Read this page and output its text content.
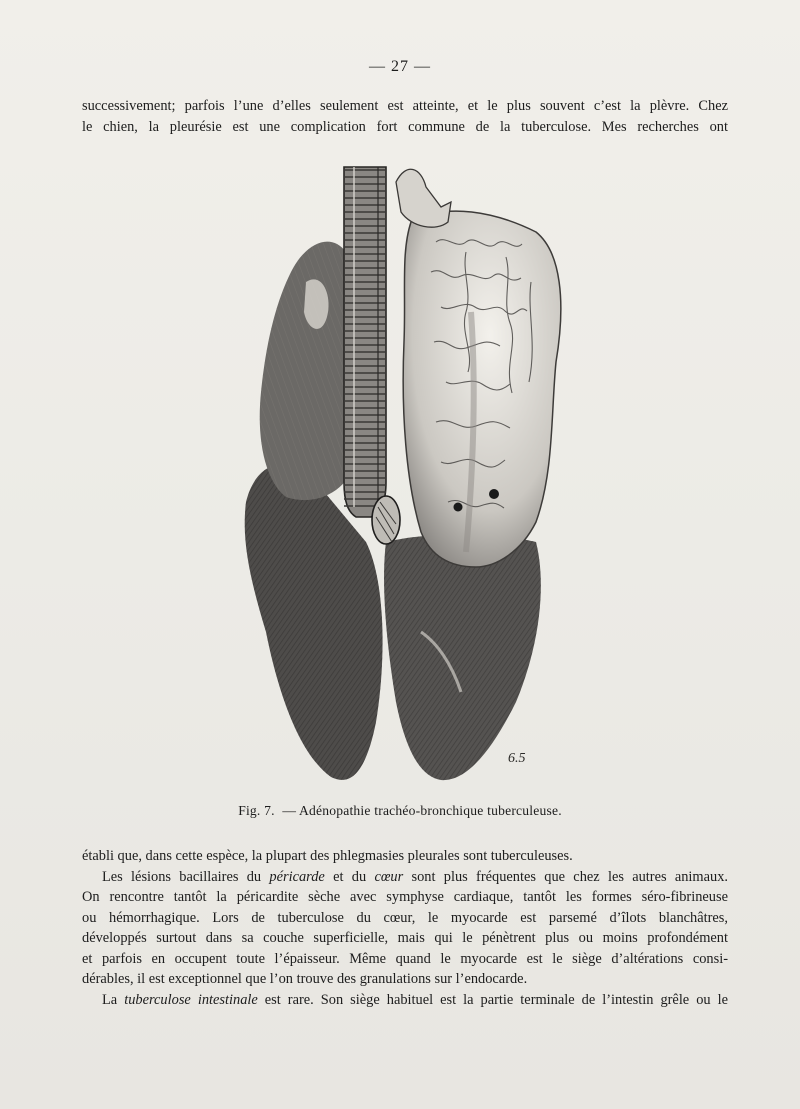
— 27 —
successivement; parfois l’une d’elles seulement est atteinte, et le plus souvent c’est la plèvre. Chez
le chien, la pleurésie est une complication fort commune de la tuberculose. Mes recherches ont
6.5
Fig. 7. — Adénopathie trachéo-bronchique tuberculeuse.
établi que, dans cette espèce, la plupart des phlegmasies pleurales sont tuberculeuses.
Les lésions bacillaires du péricarde et du cœur sont plus fréquentes que chez les autres animaux.
On rencontre tantôt la péricardite sèche avec symphyse cardiaque, tantôt les formes séro-fibrineuse
ou hémorrhagique. Lors de tuberculose du cœur, le myocarde est parsemé d’îlots blanchâtres,
développés surtout dans sa couche superficielle, mais qui le pénètrent plus ou moins profondément
et parfois en occupent toute l’épaisseur. Même quand le myocarde est le siège d’altérations consi-
dérables, il est exceptionnel que l’on trouve des granulations sur l’endocarde.
La tuberculose intestinale est rare. Son siège habituel est la partie terminale de l’intestin grêle ou le
